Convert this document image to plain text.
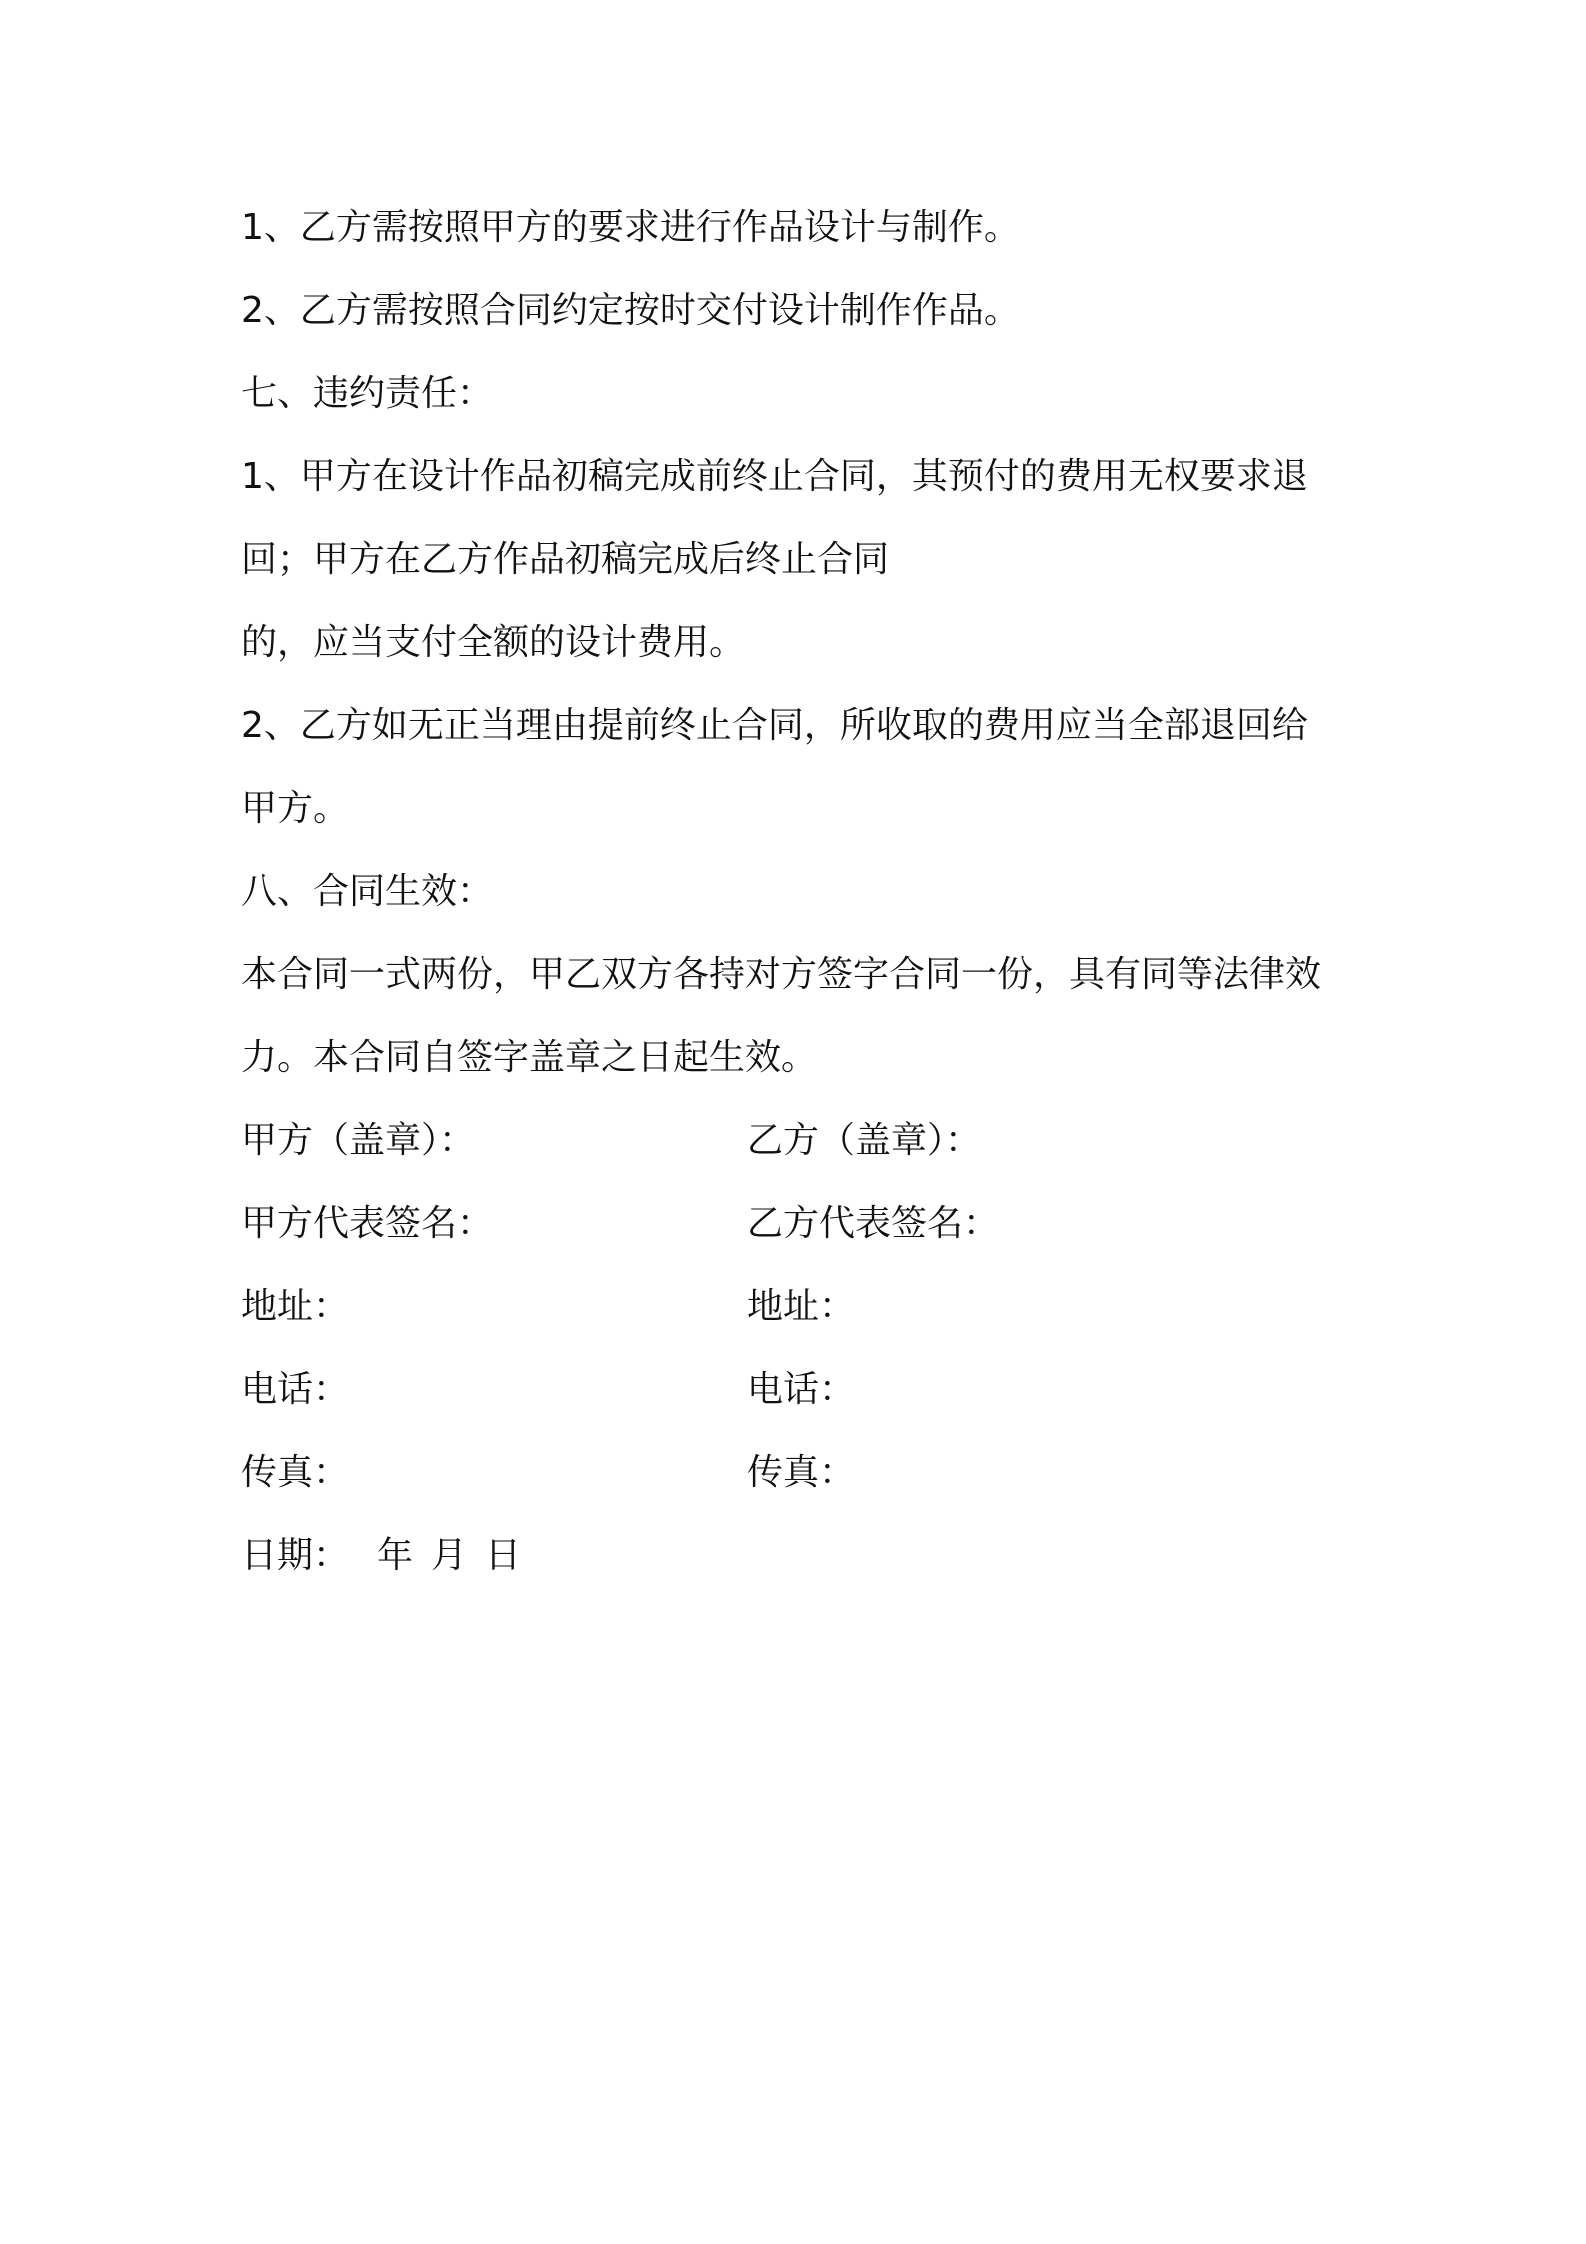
1、乙方需按照甲方的要求进行作品设计与制作。
2、乙方需按照合同约定按时交付设计制作作品。
七、违约责任：
1、甲方在设计作品初稿完成前终止合同，其预付的费用无权要求退
回；甲方在乙方作品初稿完成后终止合同
的，应当支付全额的设计费用。
2、乙方如无正当理由提前终止合同，所收取的费用应当全部退回给
甲方。
八、合同生效：
本合同一式两份，甲乙双方各持对方签字合同一份，具有同等法律效
力。本合同自签字盖章之日起生效。
甲方（盖章）：	乙方（盖章）：
甲方代表签名：	乙方代表签名：
地址：	地址：
电话：	电话：
传真：	传真：
日期： 年 月 日
